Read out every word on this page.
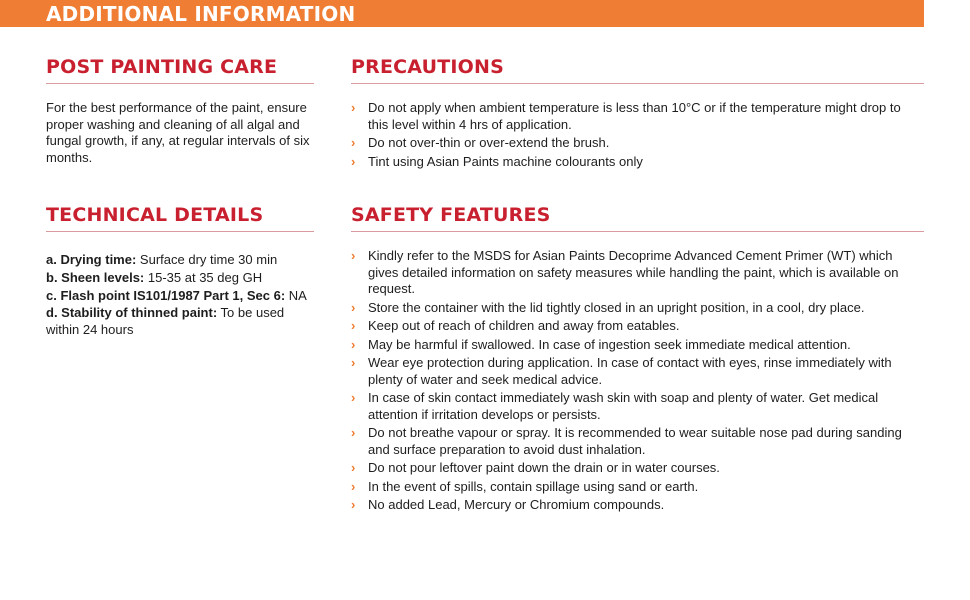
ADDITIONAL INFORMATION
POST PAINTING CARE
For the best performance of the paint, ensure proper washing and cleaning of all algal and fungal growth, if any, at regular intervals of six months.
PRECAUTIONS
› Do not apply when ambient temperature is less than 10°C or if the temperature might drop to this level within 4 hrs of application.
› Do not over-thin or over-extend the brush.
› Tint using Asian Paints machine colourants only
TECHNICAL DETAILS
a. Drying time: Surface dry time 30 min
b. Sheen levels: 15-35 at 35 deg GH
c. Flash point IS101/1987 Part 1, Sec 6: NA
d. Stability of thinned paint: To be used within 24 hours
SAFETY FEATURES
› Kindly refer to the MSDS for Asian Paints Decoprime Advanced Cement Primer (WT) which gives detailed information on safety measures while handling the paint, which is available on request.
› Store the container with the lid tightly closed in an upright position, in a cool, dry place.
› Keep out of reach of children and away from eatables.
› May be harmful if swallowed. In case of ingestion seek immediate medical attention.
› Wear eye protection during application. In case of contact with eyes, rinse immediately with plenty of water and seek medical advice.
› In case of skin contact immediately wash skin with soap and plenty of water. Get medical attention if irritation develops or persists.
› Do not breathe vapour or spray. It is recommended to wear suitable nose pad during sanding and surface preparation to avoid dust inhalation.
› Do not pour leftover paint down the drain or in water courses.
› In the event of spills, contain spillage using sand or earth.
› No added Lead, Mercury or Chromium compounds.
